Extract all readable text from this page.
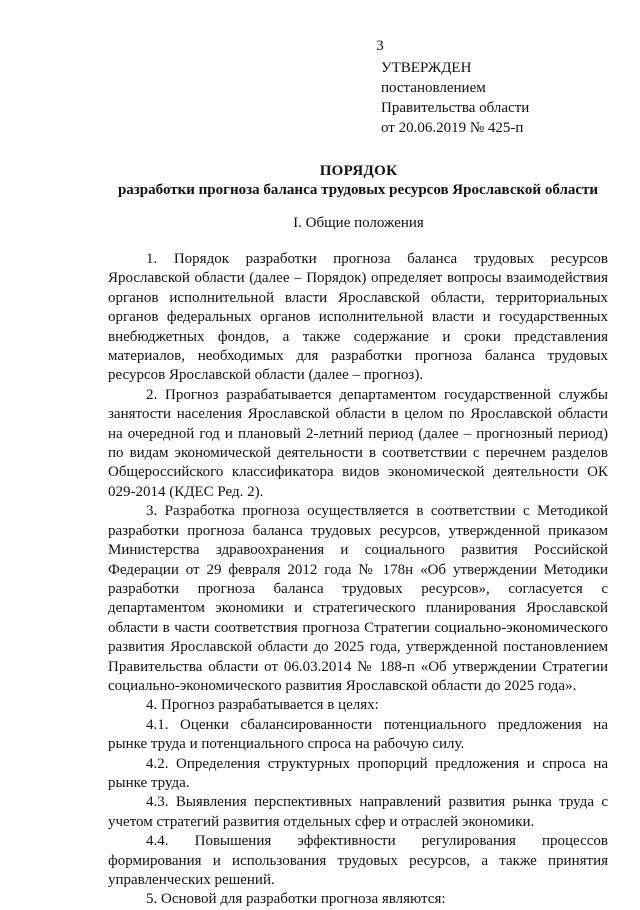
3
УТВЕРЖДЕН
постановлением
Правительства области
от 20.06.2019 № 425-п
ПОРЯДОК
разработки прогноза баланса трудовых ресурсов Ярославской области
I. Общие положения

1. Порядок разработки прогноза баланса трудовых ресурсов Ярославской области (далее – Порядок) определяет вопросы взаимодействия органов исполнительной власти Ярославской области, территориальных органов федеральных органов исполнительной власти и государственных внебюджетных фондов, а также содержание и сроки представления материалов, необходимых для разработки прогноза баланса трудовых ресурсов Ярославской области (далее – прогноз).

2. Прогноз разрабатывается департаментом государственной службы занятости населения Ярославской области в целом по Ярославской области на очередной год и плановый 2-летний период (далее – прогнозный период) по видам экономической деятельности в соответствии с перечнем разделов Общероссийского классификатора видов экономической деятельности ОК 029-2014 (КДЕС Ред. 2).

3. Разработка прогноза осуществляется в соответствии с Методикой разработки прогноза баланса трудовых ресурсов, утвержденной приказом Министерства здравоохранения и социального развития Российской Федерации от 29 февраля 2012 года № 178н «Об утверждении Методики разработки прогноза баланса трудовых ресурсов», согласуется с департаментом экономики и стратегического планирования Ярославской области в части соответствия прогноза Стратегии социально-экономического развития Ярославской области до 2025 года, утвержденной постановлением Правительства области от 06.03.2014 № 188-п «Об утверждении Стратегии социально-экономического развития Ярославской области до 2025 года».

4. Прогноз разрабатывается в целях:

4.1. Оценки сбалансированности потенциального предложения на рынке труда и потенциального спроса на рабочую силу.

4.2. Определения структурных пропорций предложения и спроса на рынке труда.

4.3. Выявления перспективных направлений развития рынка труда с учетом стратегий развития отдельных сфер и отраслей экономики.

4.4. Повышения эффективности регулирования процессов формирования и использования трудовых ресурсов, а также принятия управленческих решений.

5. Основой для разработки прогноза являются:
